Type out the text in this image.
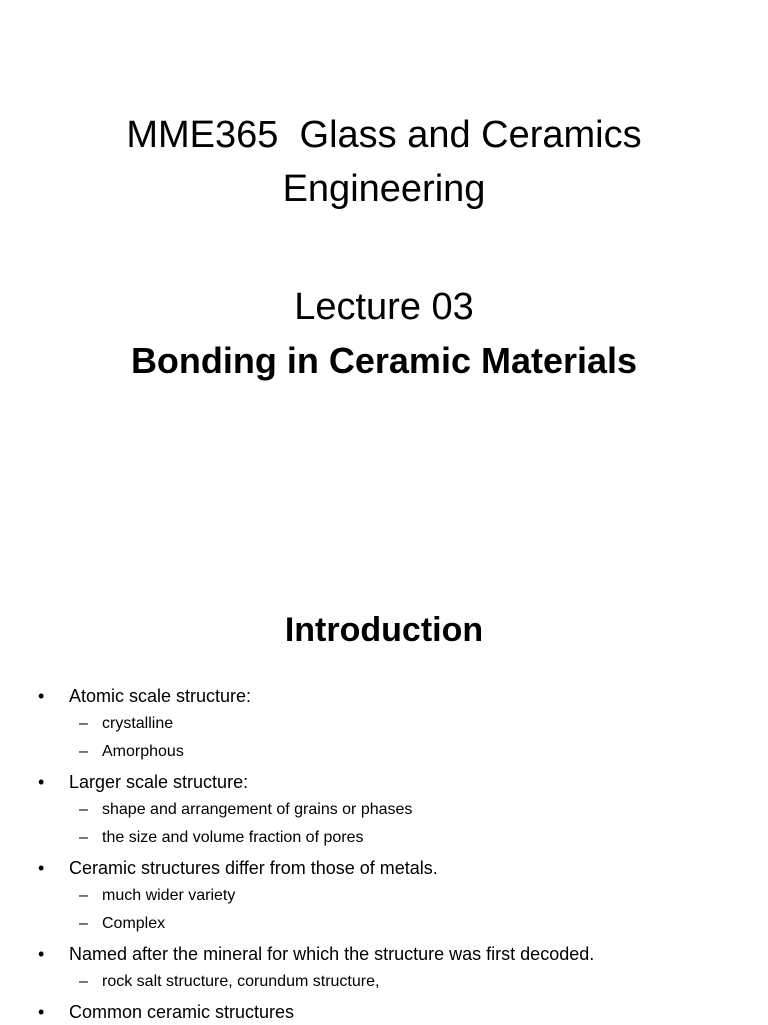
MME365  Glass and Ceramics
Engineering
Lecture 03
Bonding in Ceramic Materials
Introduction
• Atomic scale structure:
– crystalline
– Amorphous
• Larger scale structure:
– shape and arrangement of grains or phases
– the size and volume fraction of pores
• Ceramic structures differ from those of metals.
– much wider variety
– Complex
• Named after the mineral for which the structure was first decoded.
– rock salt structure, corundum structure,
• Common ceramic structures
